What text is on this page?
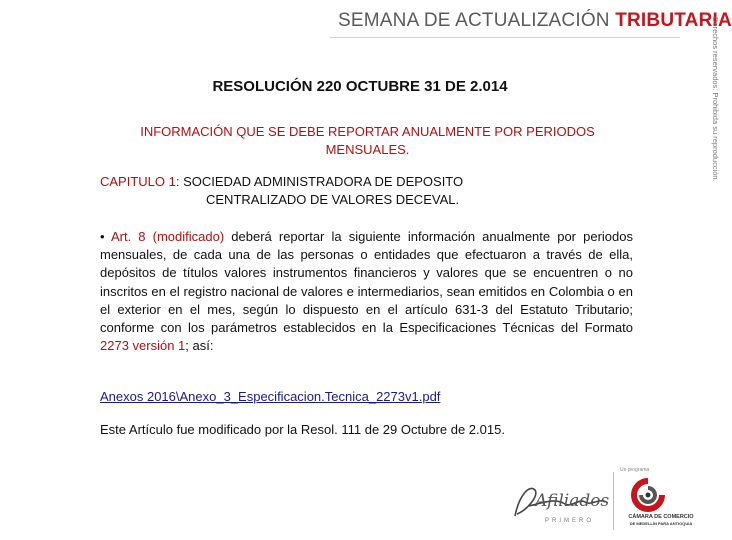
SEMANA DE ACTUALIZACIÓN TRIBUTARIA
Derechos reservados. Prohibida su reproducción.
RESOLUCIÓN 220 OCTUBRE 31 DE 2.014
INFORMACIÓN QUE SE DEBE REPORTAR ANUALMENTE POR PERIODOS MENSUALES.
CAPITULO 1: SOCIEDAD ADMINISTRADORA DE DEPOSITO
CENTRALIZADO DE VALORES DECEVAL.
• Art. 8 (modificado) deberá reportar la siguiente información anualmente por periodos mensuales, de cada una de las personas o entidades que efectuaron a través de ella, depósitos de títulos valores instrumentos financieros y valores que se encuentren o no inscritos en el registro nacional de valores e intermediarios, sean emitidos en Colombia o en el exterior en el mes, según lo dispuesto en el artículo 631-3 del Estatuto Tributario; conforme con los parámetros establecidos en la Especificaciones Técnicas del Formato 2273 versión 1; así:
Anexos 2016\Anexo_3_Especificacion.Tecnica_2273v1.pdf
Este Artículo fue modificado por la Resol. 111 de 29 Octubre de 2.015.
Afiliados
PRIMERO
Un programa
CÁMARA DE COMERCIO
DE MEDELLÍN PARA ANTIOQUIA
